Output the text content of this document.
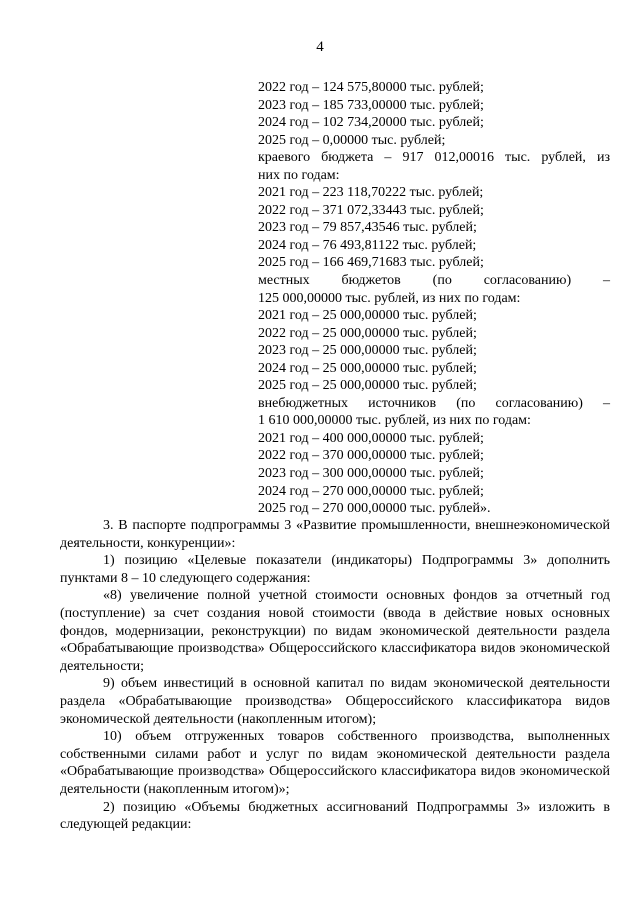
4
2022 год – 124 575,80000 тыс. рублей;
2023 год – 185 733,00000 тыс. рублей;
2024 год – 102 734,20000 тыс. рублей;
2025 год – 0,00000 тыс. рублей;
краевого бюджета – 917 012,00016 тыс. рублей, из
них по годам:
2021 год – 223 118,70222 тыс. рублей;
2022 год – 371 072,33443 тыс. рублей;
2023 год – 79 857,43546 тыс. рублей;
2024 год – 76 493,81122 тыс. рублей;
2025 год – 166 469,71683 тыс. рублей;
местных бюджетов (по согласованию) –
125 000,00000 тыс. рублей, из них по годам:
2021 год – 25 000,00000 тыс. рублей;
2022 год – 25 000,00000 тыс. рублей;
2023 год – 25 000,00000 тыс. рублей;
2024 год – 25 000,00000 тыс. рублей;
2025 год – 25 000,00000 тыс. рублей;
внебюджетных источников (по согласованию) –
1 610 000,00000 тыс. рублей, из них по годам:
2021 год – 400 000,00000 тыс. рублей;
2022 год – 370 000,00000 тыс. рублей;
2023 год – 300 000,00000 тыс. рублей;
2024 год – 270 000,00000 тыс. рублей;
2025 год – 270 000,00000 тыс. рублей».

3. В паспорте подпрограммы 3 «Развитие промышленности, внешнеэкономической деятельности, конкуренции»:

1) позицию «Целевые показатели (индикаторы) Подпрограммы 3» дополнить пунктами 8 – 10 следующего содержания:

«8) увеличение полной учетной стоимости основных фондов за отчетный год (поступление) за счет создания новой стоимости (ввода в действие новых основных фондов, модернизации, реконструкции) по видам экономической деятельности раздела «Обрабатывающие производства» Общероссийского классификатора видов экономической деятельности;

9) объем инвестиций в основной капитал по видам экономической деятельности раздела «Обрабатывающие производства» Общероссийского классификатора видов экономической деятельности (накопленным итогом);

10) объем отгруженных товаров собственного производства, выполненных собственными силами работ и услуг по видам экономической деятельности раздела «Обрабатывающие производства» Общероссийского классификатора видов экономической деятельности (накопленным итогом)»;

2) позицию «Объемы бюджетных ассигнований Подпрограммы 3» изложить в следующей редакции:
